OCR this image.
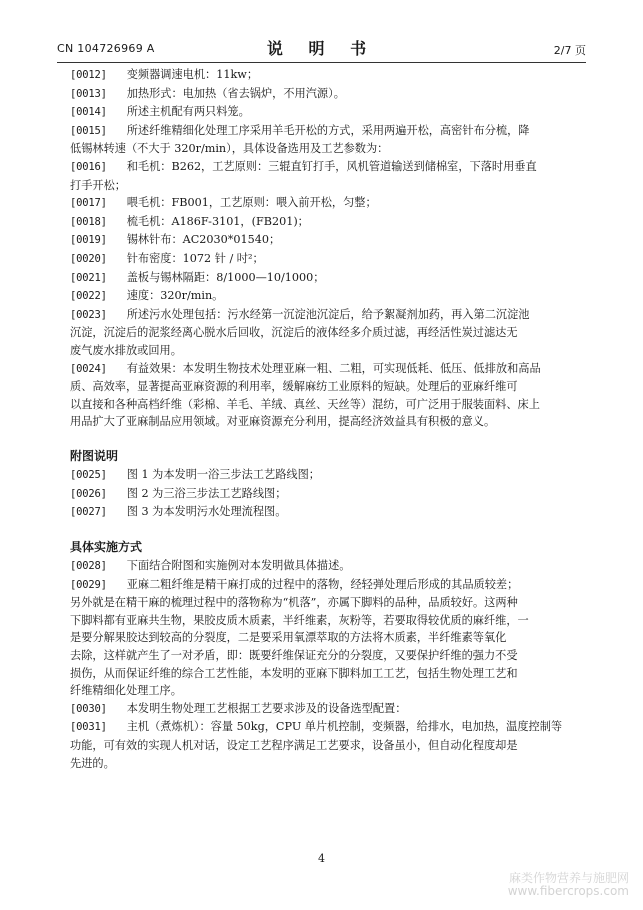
CN 104726969 A	说 明 书	2/7 页

[0012] 变频器调速电机：11kw；

[0013] 加热形式：电加热（省去锅炉，不用汽源）。

[0014] 所述主机配有两只料笼。

[0015] 所述纤维精细化处理工序采用羊毛开松的方式，采用两遍开松，高密针布分梳，降

低锡林转速（不大于 320r/min），具体设备选用及工艺参数为：

[0016] 和毛机：B262，工艺原则：三辊直钉打手，风机管道输送到储棉室，下落时用垂直

打手开松；

[0017] 喂毛机：FB001，工艺原则：喂入前开松，匀整；

[0018] 梳毛机：A186F-3101，(FB201)；

[0019] 锡林针布：AC2030*01540；

[0020] 针布密度：1072 针 / 吋²；

[0021] 盖板与锡林隔距：8/1000—10/1000；

[0022] 速度：320r/min。

[0023] 所述污水处理包括：污水经第一沉淀池沉淀后，给予絮凝剂加药，再入第二沉淀池

沉淀，沉淀后的泥浆经离心脱水后回收，沉淀后的液体经多介质过滤，再经活性炭过滤达无

废气废水排放或回用。

[0024] 有益效果：本发明生物技术处理亚麻一粗、二粗，可实现低耗、低压、低排放和高品

质、高效率，显著提高亚麻资源的利用率，缓解麻纺工业原料的短缺。处理后的亚麻纤维可

以直接和各种高档纤维（彩棉、羊毛、羊绒、真丝、天丝等）混纺，可广泛用于服装面料、床上

用品扩大了亚麻制品应用领域。对亚麻资源充分利用，提高经济效益具有积极的意义。

附图说明

[0025] 图 1 为本发明一浴三步法工艺路线图；

[0026] 图 2 为三浴三步法工艺路线图；

[0027] 图 3 为本发明污水处理流程图。

具体实施方式

[0028] 下面结合附图和实施例对本发明做具体描述。

[0029] 亚麻二粗纤维是精干麻打成的过程中的落物，经轻弹处理后形成的其品质较差；

另外就是在精干麻的梳理过程中的落物称为“机落”，亦属下脚料的品种，品质较好。这两种

下脚料都有亚麻共生物，果胶皮质木质素，半纤维素，灰粉等，若要取得较优质的麻纤维，一

是要分解果胶达到较高的分裂度，二是要采用氧漂萃取的方法将木质素，半纤维素等氧化

去除，这样就产生了一对矛盾，即：既要纤维保证充分的分裂度，又要保护纤维的强力不受

损伤，从而保证纤维的综合工艺性能，本发明的亚麻下脚料加工工艺，包括生物处理工艺和

纤维精细化处理工序。

[0030] 本发明生物处理工艺根据工艺要求涉及的设备选型配置：

[0031] 主机（煮炼机）：容量 50kg，CPU 单片机控制，变频器，给排水，电加热，温度控制等

功能，可有效的实现人机对话，设定工艺程序满足工艺要求，设备虽小，但自动化程度却是

先进的。

4
麻类作物营养与施肥网
www.fibercrops.com
